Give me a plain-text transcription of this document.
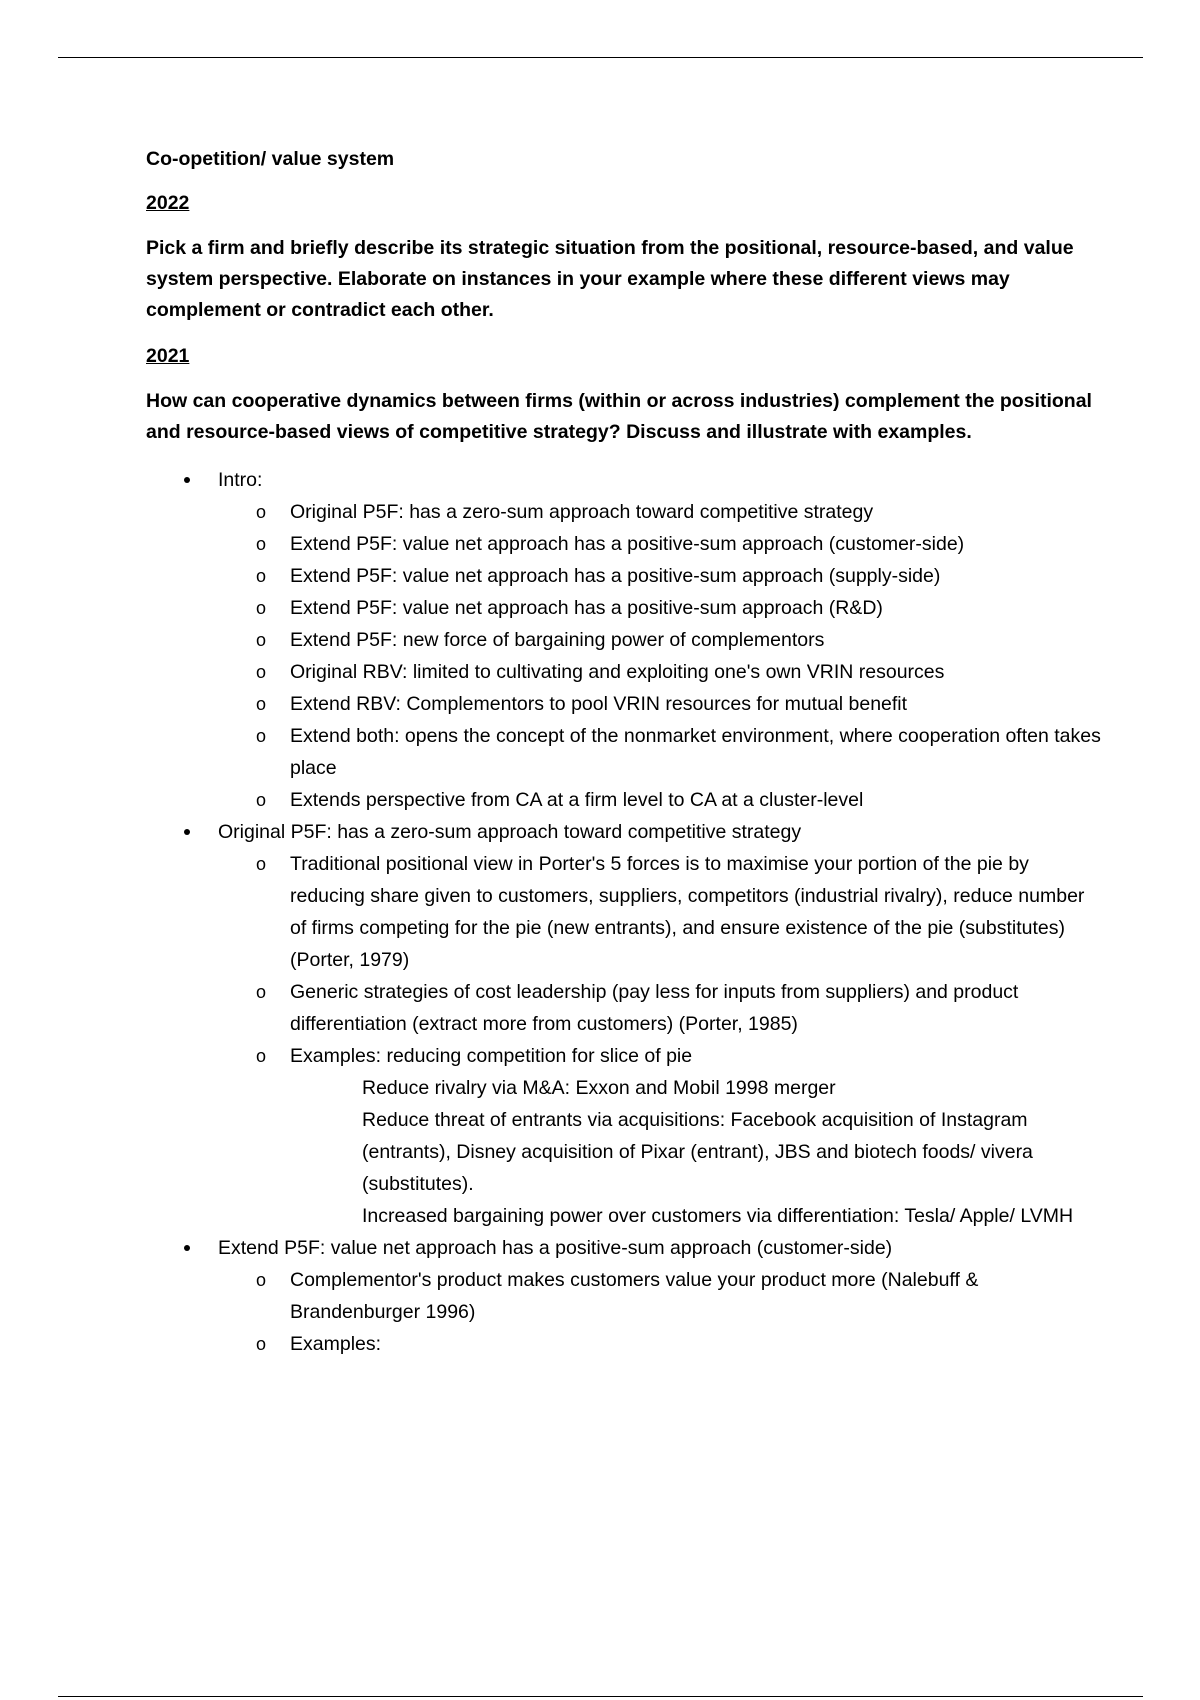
Co-opetition/ value system
2022
Pick a firm and briefly describe its strategic situation from the positional, resource-based, and value system perspective. Elaborate on instances in your example where these different views may complement or contradict each other.
2021
How can cooperative dynamics between firms (within or across industries) complement the positional and resource-based views of competitive strategy? Discuss and illustrate with examples.
Intro:
o
Original P5F: has a zero-sum approach toward competitive strategy
o
Extend P5F: value net approach has a positive-sum approach (customer-side)
o
Extend P5F: value net approach has a positive-sum approach (supply-side)
o
Extend P5F: value net approach has a positive-sum approach (R&D)
o
Extend P5F: new force of bargaining power of complementors
o
Original RBV: limited to cultivating and exploiting one's own VRIN resources
o
Extend RBV: Complementors to pool VRIN resources for mutual benefit
o
Extend both: opens the concept of the nonmarket environment, where cooperation often takes place
o
Extends perspective from CA at a firm level to CA at a cluster-level
Original P5F: has a zero-sum approach toward competitive strategy
o
Traditional positional view in Porter's 5 forces is to maximise your portion of the pie by reducing share given to customers, suppliers, competitors (industrial rivalry), reduce number of firms competing for the pie (new entrants), and ensure existence of the pie (substitutes) (Porter, 1979)
o
Generic strategies of cost leadership (pay less for inputs from suppliers) and product differentiation (extract more from customers) (Porter, 1985)
o
Examples: reducing competition for slice of pie
Reduce rivalry via M&A: Exxon and Mobil 1998 merger
Reduce threat of entrants via acquisitions: Facebook acquisition of Instagram (entrants), Disney acquisition of Pixar (entrant), JBS and biotech foods/ vivera (substitutes).
Increased bargaining power over customers via differentiation: Tesla/ Apple/ LVMH
Extend P5F: value net approach has a positive-sum approach (customer-side)
o
Complementor's product makes customers value your product more (Nalebuff & Brandenburger 1996)
o
Examples:
